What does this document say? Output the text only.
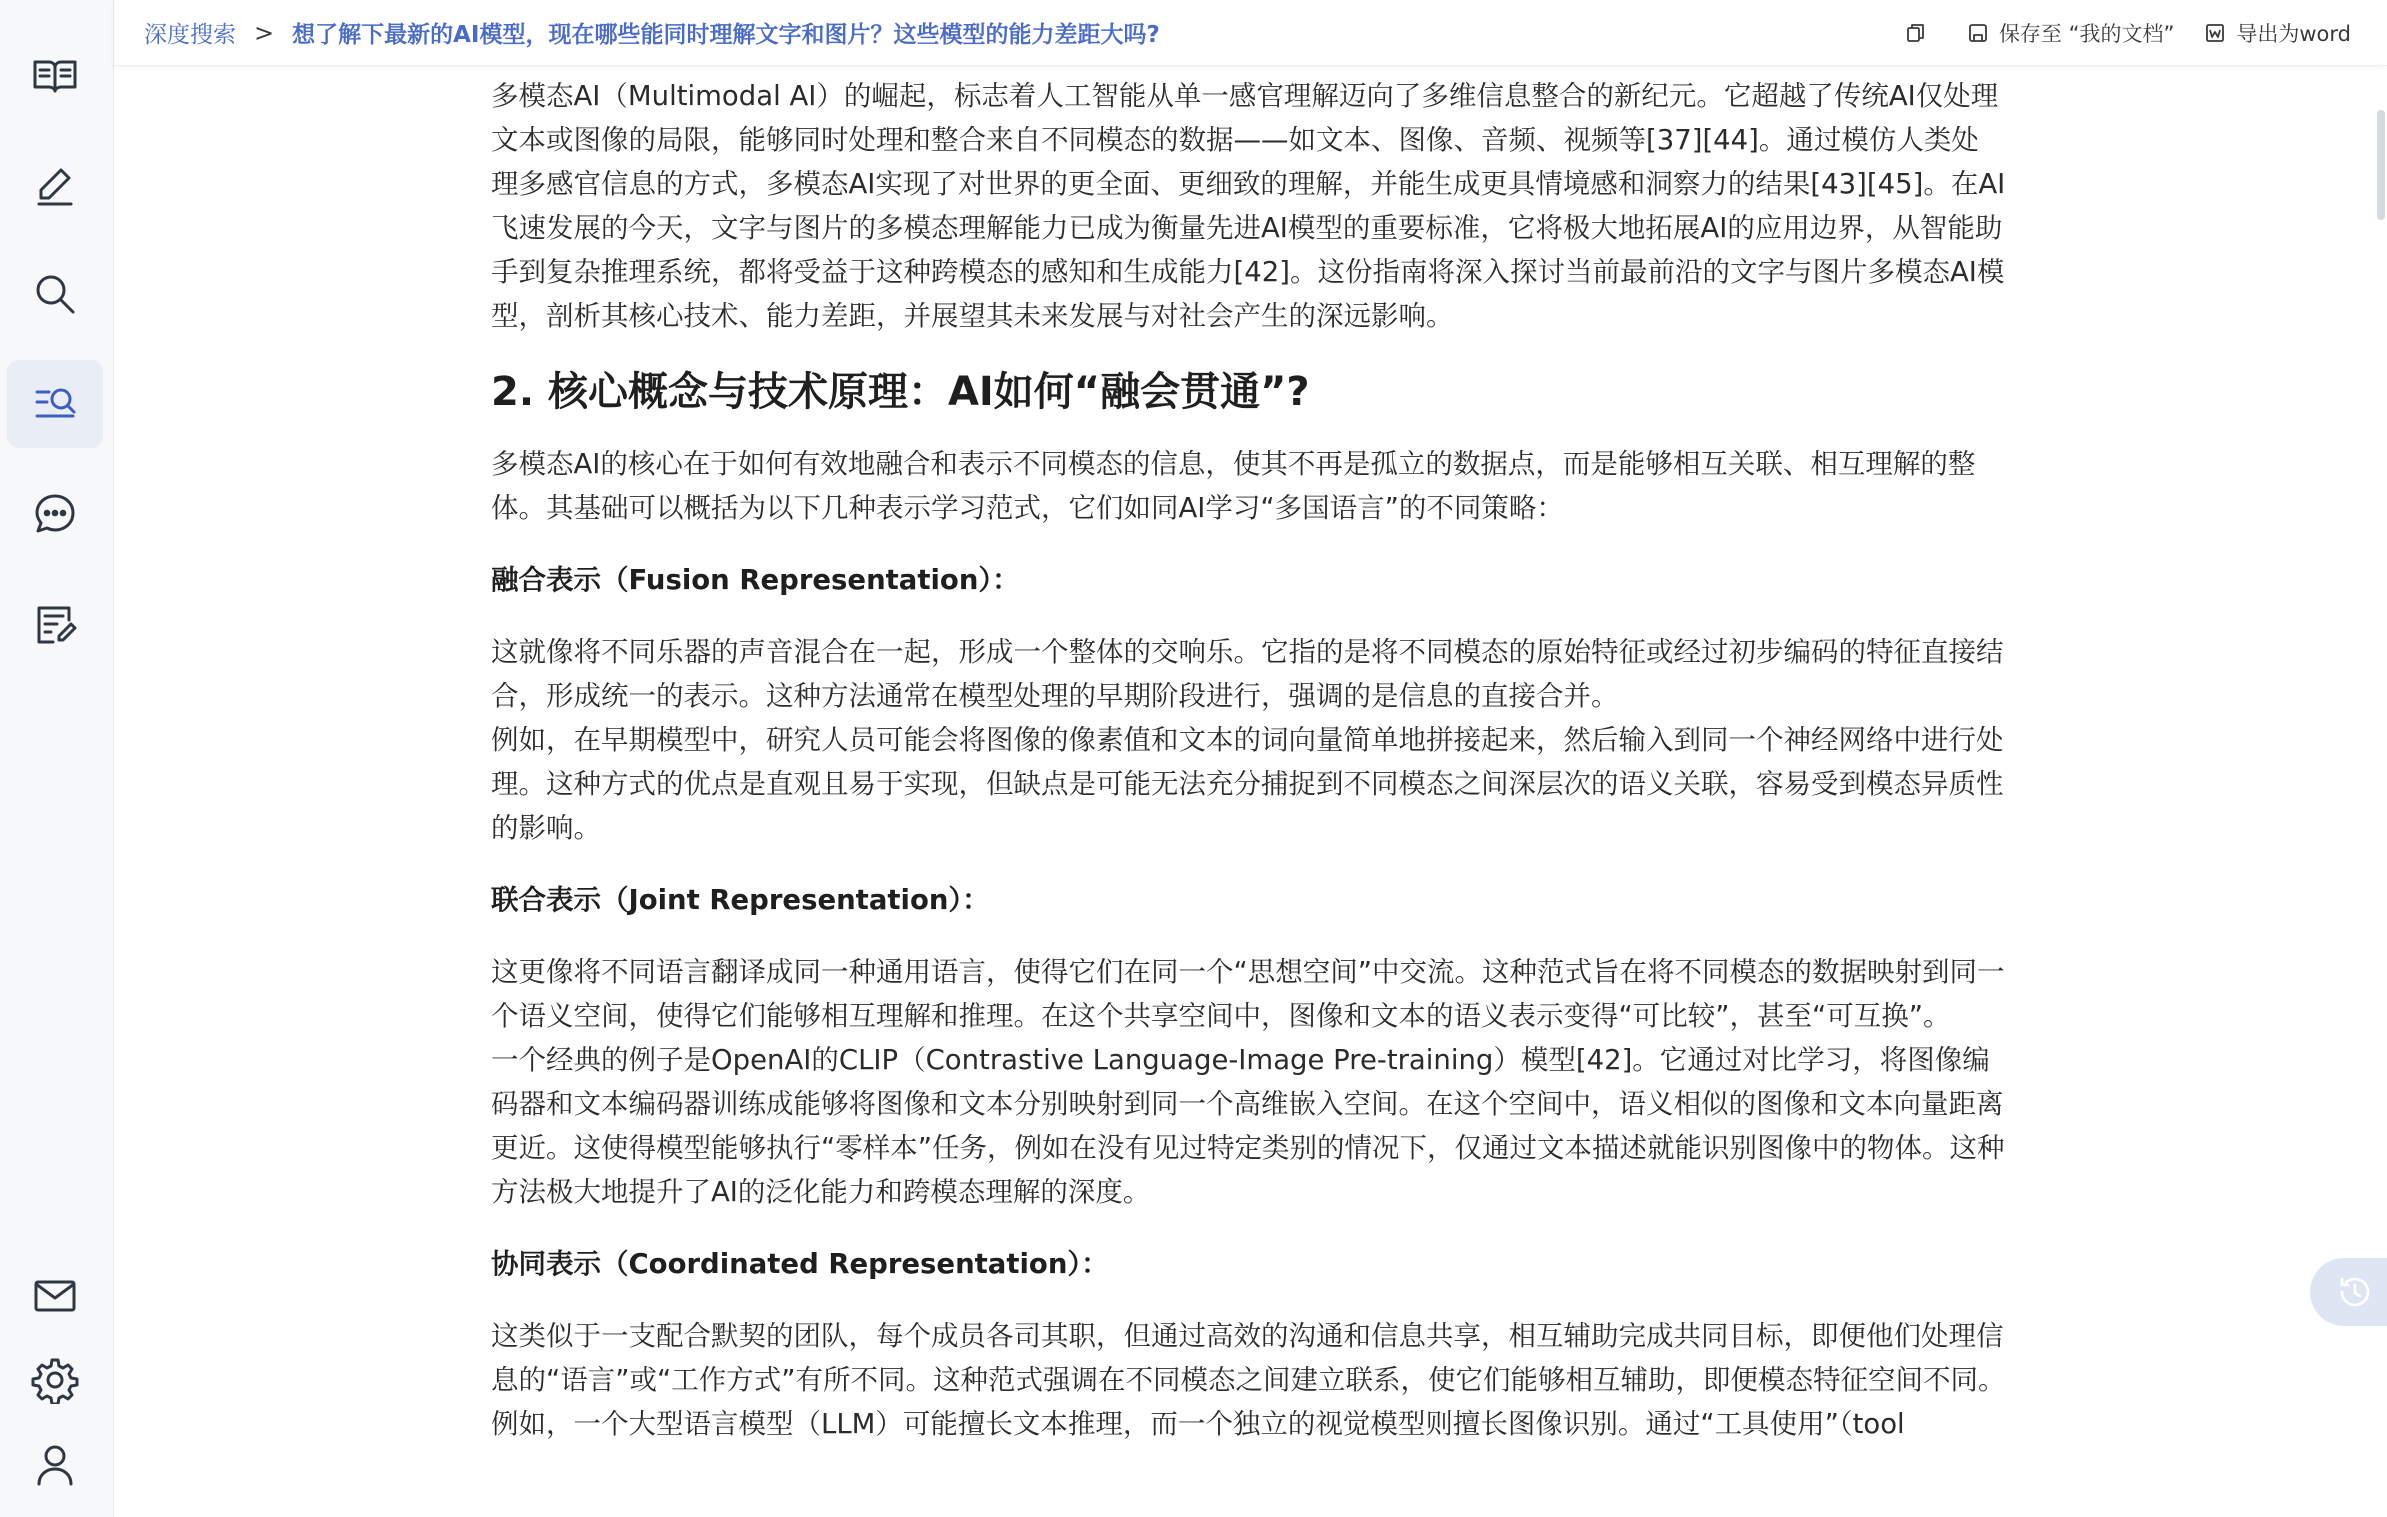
深度搜索 > 想了解下最新的AI模型，现在哪些能同时理解文字和图片？这些模型的能力差距大吗?	保存至 “我的文档”	导出为word

多模态AI（Multimodal AI）的崛起，标志着人工智能从单一感官理解迈向了多维信息整合的新纪元。它超越了传统AI仅处理文本或图像的局限，能够同时处理和整合来自不同模态的数据——如文本、图像、音频、视频等[37][44]。通过模仿人类处理多感官信息的方式，多模态AI实现了对世界的更全面、更细致的理解，并能生成更具情境感和洞察力的结果[43][45]。在AI飞速发展的今天，文字与图片的多模态理解能力已成为衡量先进AI模型的重要标准，它将极大地拓展AI的应用边界，从智能助手到复杂推理系统，都将受益于这种跨模态的感知和生成能力[42]。这份指南将深入探讨当前最前沿的文字与图片多模态AI模型，剖析其核心技术、能力差距，并展望其未来发展与对社会产生的深远影响。

2. 核心概念与技术原理：AI如何“融会贯通”?

多模态AI的核心在于如何有效地融合和表示不同模态的信息，使其不再是孤立的数据点，而是能够相互关联、相互理解的整体。其基础可以概括为以下几种表示学习范式，它们如同AI学习“多国语言”的不同策略：

融合表示（Fusion Representation）：

这就像将不同乐器的声音混合在一起，形成一个整体的交响乐。它指的是将不同模态的原始特征或经过初步编码的特征直接结合，形成统一的表示。这种方法通常在模型处理的早期阶段进行，强调的是信息的直接合并。

例如，在早期模型中，研究人员可能会将图像的像素值和文本的词向量简单地拼接起来，然后输入到同一个神经网络中进行处理。这种方式的优点是直观且易于实现，但缺点是可能无法充分捕捉到不同模态之间深层次的语义关联，容易受到模态异质性的影响。

联合表示（Joint Representation）：

这更像将不同语言翻译成同一种通用语言，使得它们在同一个“思想空间”中交流。这种范式旨在将不同模态的数据映射到同一个语义空间，使得它们能够相互理解和推理。在这个共享空间中，图像和文本的语义表示变得“可比较”，甚至“可互换”。

一个经典的例子是OpenAI的CLIP（Contrastive Language-Image Pre-training）模型[42]。它通过对比学习，将图像编码器和文本编码器训练成能够将图像和文本分别映射到同一个高维嵌入空间。在这个空间中，语义相似的图像和文本向量距离更近。这使得模型能够执行“零样本”任务，例如在没有见过特定类别的情况下，仅通过文本描述就能识别图像中的物体。这种方法极大地提升了AI的泛化能力和跨模态理解的深度。

协同表示（Coordinated Representation）：

这类似于一支配合默契的团队，每个成员各司其职，但通过高效的沟通和信息共享，相互辅助完成共同目标，即便他们处理信息的“语言”或“工作方式”有所不同。这种范式强调在不同模态之间建立联系，使它们能够相互辅助，即便模态特征空间不同。

例如，一个大型语言模型（LLM）可能擅长文本推理，而一个独立的视觉模型则擅长图像识别。通过“工具使用”（tool
